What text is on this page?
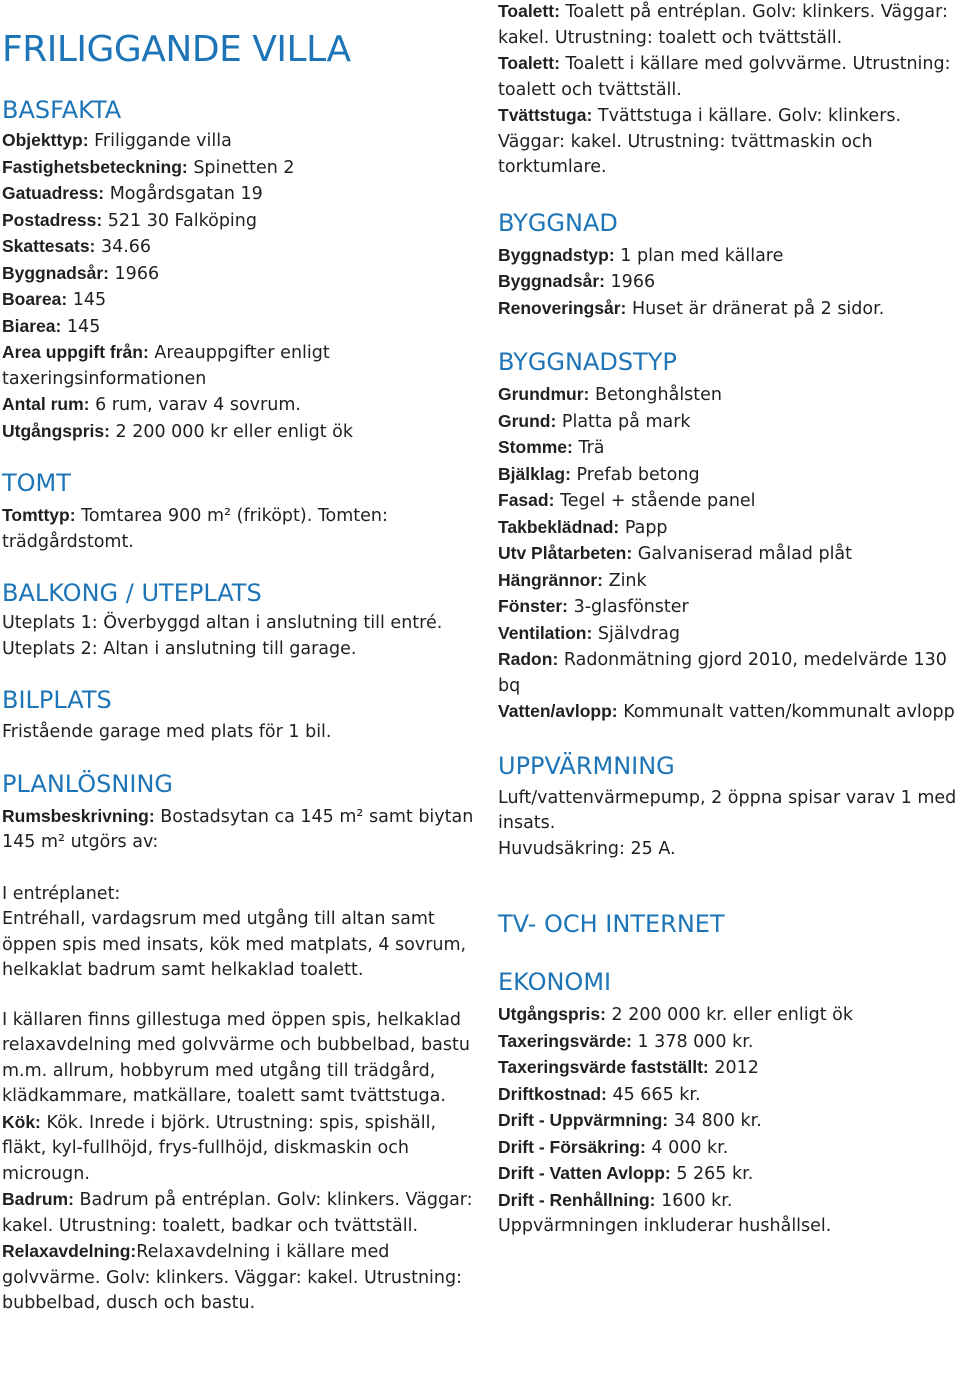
FRILIGGANDE VILLA
BASFAKTA

Objekttyp: Friliggande villa

Fastighetsbeteckning: Spinetten 2

Gatuadress: Mogårdsgatan 19

Postadress: 521 30 Falköping

Skattesats: 34.66

Byggnadsår: 1966

Boarea: 145

Biarea: 145

Area uppgift från: Areauppgifter enligt taxeringsinformationen

Antal rum: 6 rum, varav 4 sovrum.

Utgångspris: 2 200 000 kr eller enligt ök

TOMT

Tomttyp: Tomtarea 900 m² (friköpt). Tomten: trädgårdstomt.

BALKONG / UTEPLATS

Uteplats 1: Överbyggd altan i anslutning till entré.

Uteplats 2: Altan i anslutning till garage.

BILPLATS

Fristående garage med plats för 1 bil.

PLANLÖSNING

Rumsbeskrivning: Bostadsytan ca 145 m² samt biytan 145 m² utgörs av:

I entréplanet:

Entréhall, vardagsrum med utgång till altan samt öppen spis med insats, kök med matplats, 4 sovrum, helkaklat badrum samt helkaklad toalett.

I källaren finns gillestuga med öppen spis, helkaklad relaxavdelning med golvvärme och bubbelbad, bastu m.m. allrum, hobbyrum med utgång till trädgård, klädkammare, matkällare, toalett samt tvättstuga.

Kök: Kök. Inrede i björk. Utrustning: spis, spishäll, fläkt, kyl-fullhöjd, frys-fullhöjd, diskmaskin och microugn.

Badrum: Badrum på entréplan. Golv: klinkers. Väggar: kakel. Utrustning: toalett, badkar och tvättställ.

Relaxavdelning:Relaxavdelning i källare med golvvärme. Golv: klinkers. Väggar: kakel. Utrustning: bubbelbad, dusch och bastu.

Toalett: Toalett på entréplan. Golv: klinkers. Väggar: kakel. Utrustning: toalett och tvättställ.

Toalett: Toalett i källare med golvvärme. Utrustning: toalett och tvättställ.

Tvättstuga: Tvättstuga i källare. Golv: klinkers. Väggar: kakel. Utrustning: tvättmaskin och torktumlare.

BYGGNAD

Byggnadstyp: 1 plan med källare

Byggnadsår: 1966

Renoveringsår: Huset är dränerat på 2 sidor.

BYGGNADSTYP

Grundmur: Betonghålsten

Grund: Platta på mark

Stomme: Trä

Bjälklag: Prefab betong

Fasad: Tegel + stående panel

Takbeklädnad: Papp

Utv Plåtarbeten: Galvaniserad målad plåt

Hängrännor: Zink

Fönster: 3-glasfönster

Ventilation: Självdrag

Radon: Radonmätning gjord 2010, medelvärde 130 bq

Vatten/avlopp: Kommunalt vatten/kommunalt avlopp

UPPVÄRMNING

Luft/vattenvärmepump, 2 öppna spisar varav 1 med insats.

Huvudsäkring: 25 A.

TV- OCH INTERNET
EKONOMI

Utgångspris: 2 200 000 kr. eller enligt ök

Taxeringsvärde: 1 378 000 kr.

Taxeringsvärde fastställt: 2012

Driftkostnad: 45 665 kr.

Drift - Uppvärmning: 34 800 kr.

Drift - Försäkring: 4 000 kr.

Drift - Vatten Avlopp: 5 265 kr.

Drift - Renhållning: 1600 kr.

Uppvärmningen inkluderar hushållsel.
